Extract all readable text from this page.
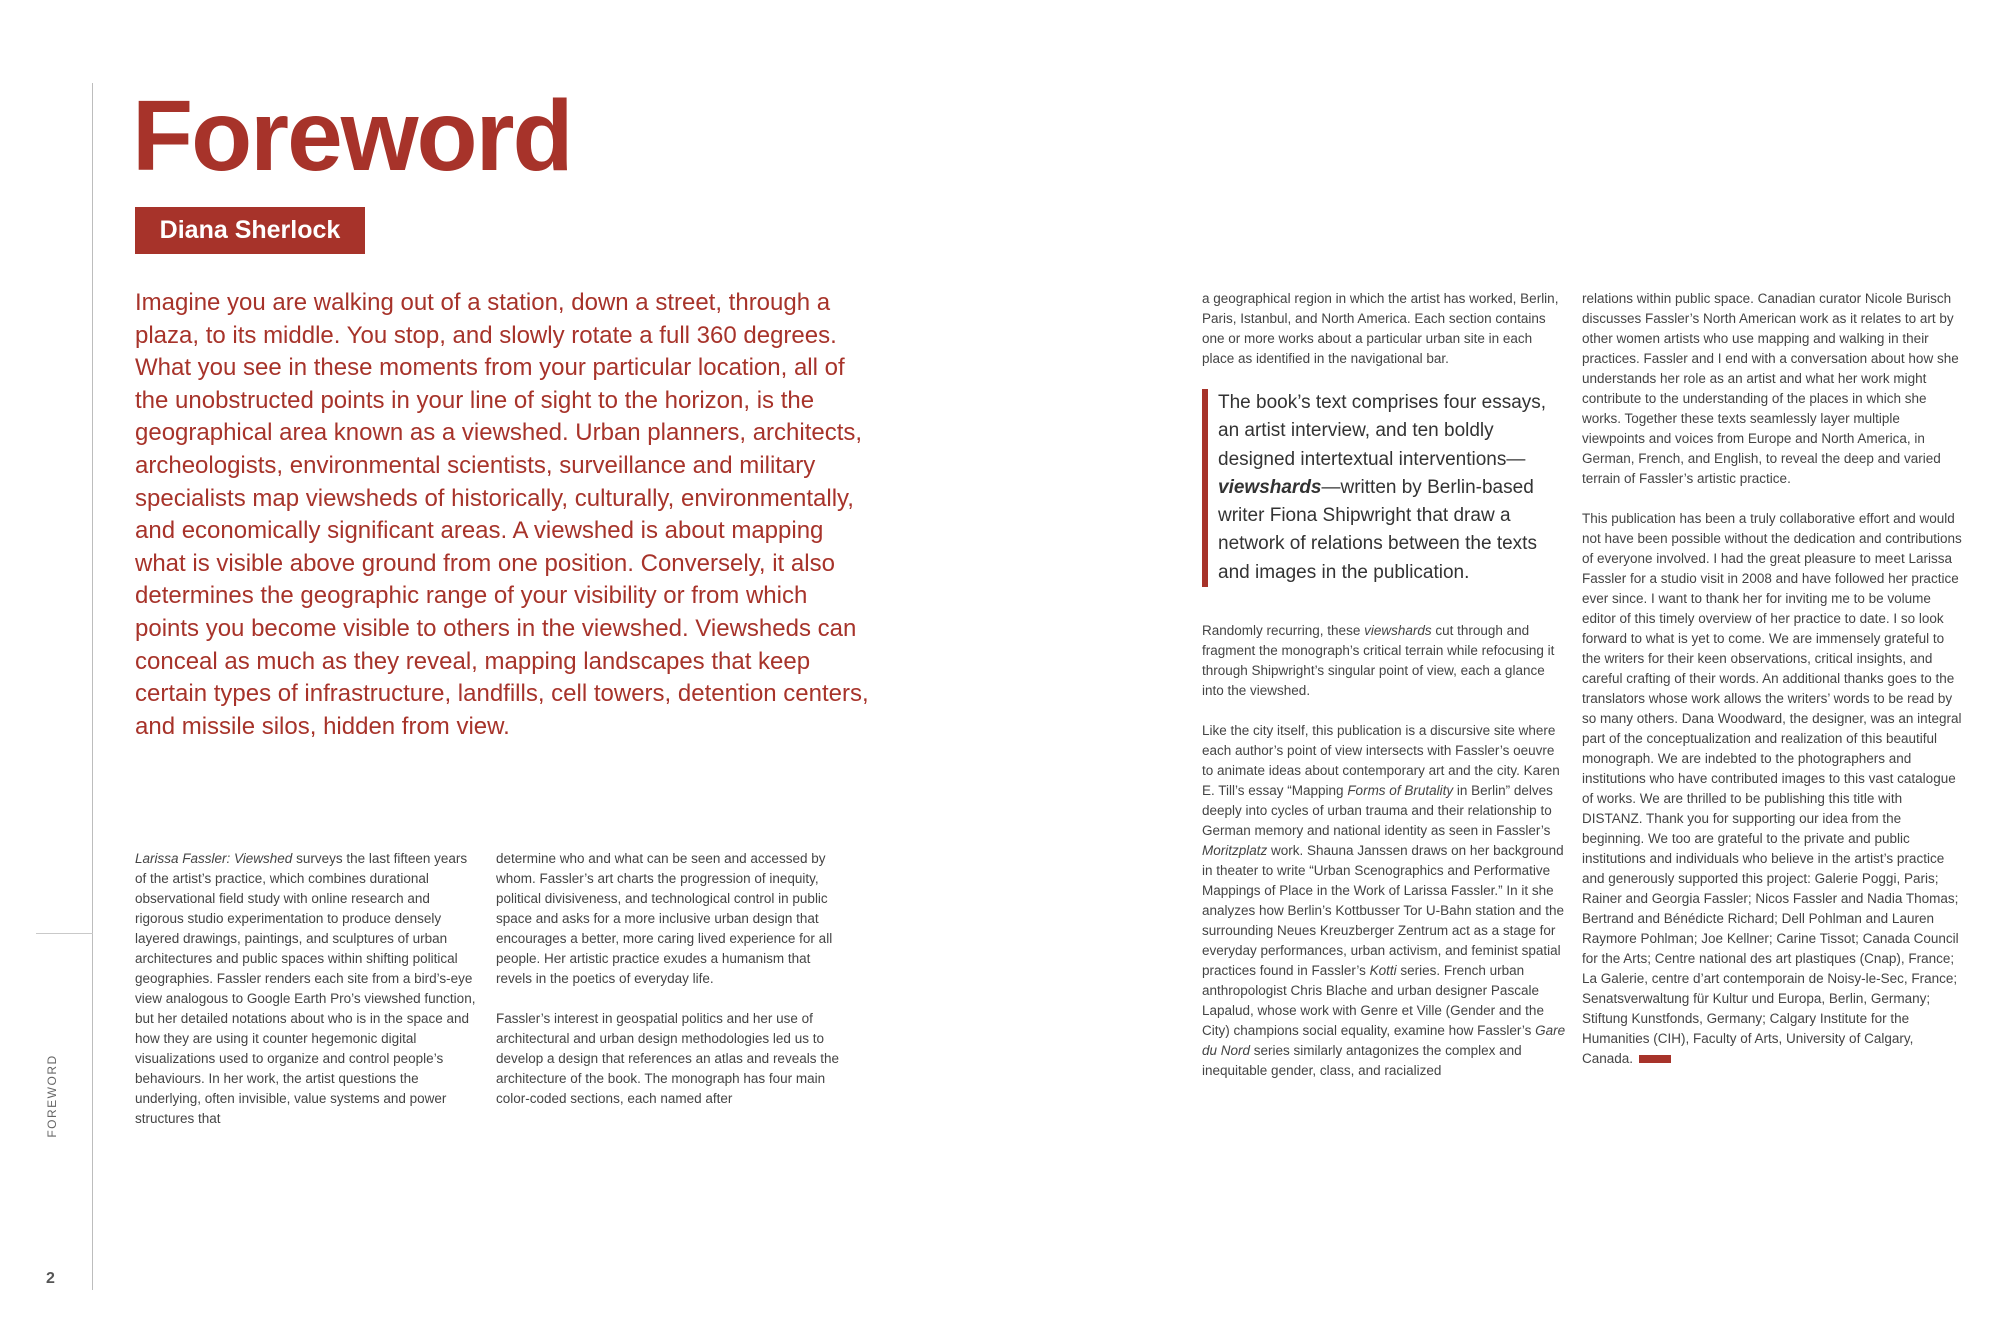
FOREWORD
2
Foreword
Diana Sherlock

Imagine you are walking out of a station, down a street, through a plaza, to its middle. You stop, and slowly rotate a full 360 degrees. What you see in these moments from your particular location, all of the unobstructed points in your line of sight to the horizon, is the geographical area known as a viewshed. Urban planners, architects, archeologists, environmental scientists, surveillance and military specialists map viewsheds of historically, culturally, environmentally, and economically significant areas. A viewshed is about mapping what is visible above ground from one position. Conversely, it also determines the geographic range of your visibility or from which points you become visible to others in the viewshed. Viewsheds can conceal as much as they reveal, mapping landscapes that keep certain types of infrastructure, landfills, cell towers, detention centers, and missile silos, hidden from view.

Larissa Fassler: Viewshed surveys the last fifteen years of the artist’s practice, which combines durational observational field study with online research and rigorous studio experimentation to produce densely layered drawings, paintings, and sculptures of urban architectures and public spaces within shifting political geographies. Fassler renders each site from a bird’s-eye view analogous to Google Earth Pro’s viewshed function, but her detailed notations about who is in the space and how they are using it counter hegemonic digital visualizations used to organize and control people’s behaviours. In her work, the artist questions the underlying, often invisible, value systems and power structures that

determine who and what can be seen and accessed by whom. Fassler’s art charts the progression of inequity, political divisiveness, and technological control in public space and asks for a more inclusive urban design that encourages a better, more caring lived experience for all people. Her artistic practice exudes a humanism that revels in the poetics of everyday life.

Fassler’s interest in geospatial politics and her use of architectural and urban design methodologies led us to develop a design that references an atlas and reveals the architecture of the book. The monograph has four main color-coded sections, each named after

a geographical region in which the artist has worked, Berlin, Paris, Istanbul, and North America. Each section contains one or more works about a particular urban site in each place as identified in the navigational bar.

The book’s text comprises four essays, an artist interview, and ten boldly designed intertextual interventions—viewshards—written by Berlin-based writer Fiona Shipwright that draw a network of relations between the texts and images in the publication.

Randomly recurring, these viewshards cut through and fragment the monograph’s critical terrain while refocusing it through Shipwright’s singular point of view, each a glance into the viewshed.

Like the city itself, this publication is a discursive site where each author’s point of view intersects with Fassler’s oeuvre to animate ideas about contemporary art and the city. Karen E. Till’s essay “Mapping Forms of Brutality in Berlin” delves deeply into cycles of urban trauma and their relationship to German memory and national identity as seen in Fassler’s Moritzplatz work. Shauna Janssen draws on her background in theater to write “Urban Scenographics and Performative Mappings of Place in the Work of Larissa Fassler.” In it she analyzes how Berlin’s Kottbusser Tor U-Bahn station and the surrounding Neues Kreuzberger Zentrum act as a stage for everyday performances, urban activism, and feminist spatial practices found in Fassler’s Kotti series. French urban anthropologist Chris Blache and urban designer Pascale Lapalud, whose work with Genre et Ville (Gender and the City) champions social equality, examine how Fassler’s Gare du Nord series similarly antagonizes the complex and inequitable gender, class, and racialized

relations within public space. Canadian curator Nicole Burisch discusses Fassler’s North American work as it relates to art by other women artists who use mapping and walking in their practices. Fassler and I end with a conversation about how she understands her role as an artist and what her work might contribute to the understanding of the places in which she works. Together these texts seamlessly layer multiple viewpoints and voices from Europe and North America, in German, French, and English, to reveal the deep and varied terrain of Fassler’s artistic practice.

This publication has been a truly collaborative effort and would not have been possible without the dedication and contributions of everyone involved. I had the great pleasure to meet Larissa Fassler for a studio visit in 2008 and have followed her practice ever since. I want to thank her for inviting me to be volume editor of this timely overview of her practice to date. I so look forward to what is yet to come. We are immensely grateful to the writers for their keen observations, critical insights, and careful crafting of their words. An additional thanks goes to the translators whose work allows the writers’ words to be read by so many others. Dana Woodward, the designer, was an integral part of the conceptualization and realization of this beautiful monograph. We are indebted to the photographers and institutions who have contributed images to this vast catalogue of works. We are thrilled to be publishing this title with DISTANZ. Thank you for supporting our idea from the beginning. We too are grateful to the private and public institutions and individuals who believe in the artist’s practice and generously supported this project: Galerie Poggi, Paris; Rainer and Georgia Fassler; Nicos Fassler and Nadia Thomas; Bertrand and Bénédicte Richard; Dell Pohlman and Lauren Raymore Pohlman; Joe Kellner; Carine Tissot; Canada Council for the Arts; Centre national des art plastiques (Cnap), France; La Galerie, centre d’art contemporain de Noisy-le-Sec, France; Senatsverwaltung für Kultur und Europa, Berlin, Germany; Stiftung Kunstfonds, Germany; Calgary Institute for the Humanities (CIH), Faculty of Arts, University of Calgary, Canada.
